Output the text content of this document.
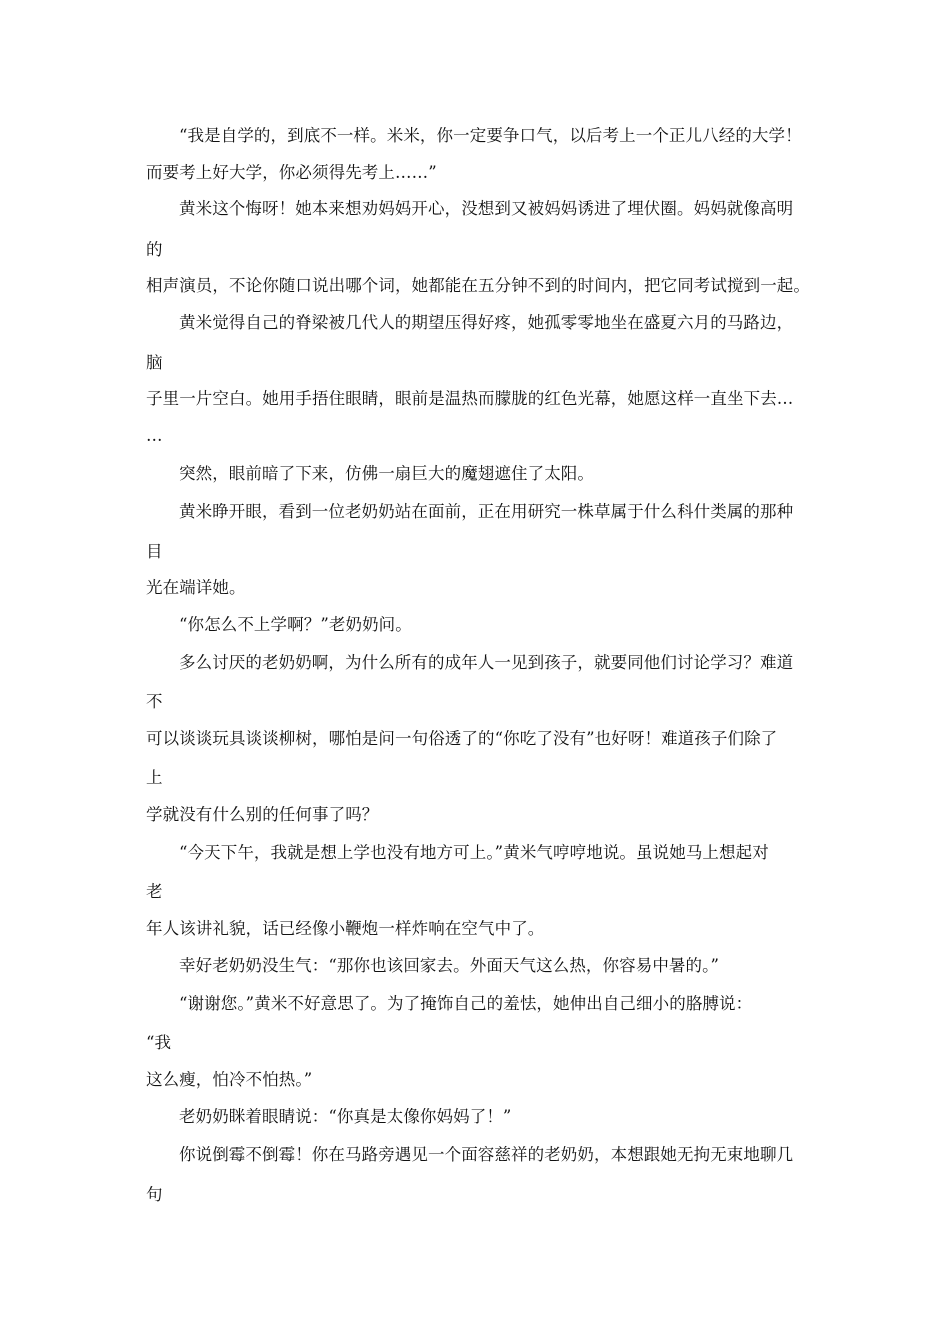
“我是自学的，到底不一样。米米，你一定要争口气，以后考上一个正儿八经的大学！
而要考上好大学，你必须得先考上……”
黄米这个悔呀！她本来想劝妈妈开心，没想到又被妈妈诱进了埋伏圈。妈妈就像高明
的
相声演员，不论你随口说出哪个词，她都能在五分钟不到的时间内，把它同考试搅到一起。
黄米觉得自己的脊梁被几代人的期望压得好疼，她孤零零地坐在盛夏六月的马路边，
脑
子里一片空白。她用手捂住眼睛，眼前是温热而朦胧的红色光幕，她愿这样一直坐下去…
…
突然，眼前暗了下来，仿佛一扇巨大的魔翅遮住了太阳。
黄米睁开眼，看到一位老奶奶站在面前，正在用研究一株草属于什么科什类属的那种
目
光在端详她。
“你怎么不上学啊？”老奶奶问。
多么讨厌的老奶奶啊，为什么所有的成年人一见到孩子，就要同他们讨论学习？难道
不
可以谈谈玩具谈谈柳树，哪怕是问一句俗透了的“你吃了没有”也好呀！难道孩子们除了
上
学就没有什么别的任何事了吗？
“今天下午，我就是想上学也没有地方可上。”黄米气哼哼地说。虽说她马上想起对
老
年人该讲礼貌，话已经像小鞭炮一样炸响在空气中了。
幸好老奶奶没生气：“那你也该回家去。外面天气这么热，你容易中暑的。”
“谢谢您。”黄米不好意思了。为了掩饰自己的羞怯，她伸出自己细小的胳膊说：
“我
这么瘦，怕冷不怕热。”
老奶奶眯着眼睛说：“你真是太像你妈妈了！”
你说倒霉不倒霉！你在马路旁遇见一个面容慈祥的老奶奶，本想跟她无拘无束地聊几
句
